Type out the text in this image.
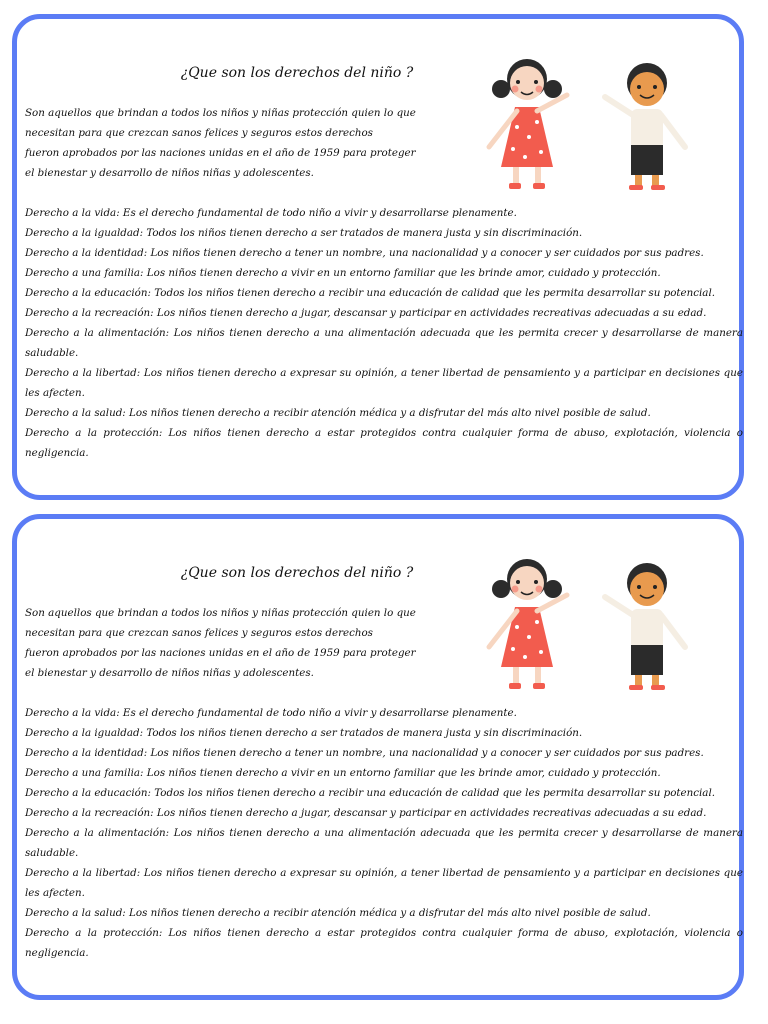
¿Que son los derechos del niño ?
Son aquellos que brindan a todos los niños y niñas protección quien lo que
necesitan para que crezcan sanos felices y seguros estos derechos
fueron aprobados por las naciones unidas en el año de 1959 para proteger
el bienestar y desarrollo de niños niñas y adolescentes.
Derecho a la vida: Es el derecho fundamental de todo niño a vivir y desarrollarse plenamente.
Derecho a la igualdad: Todos los niños tienen derecho a ser tratados de manera justa y sin discriminación.
Derecho a la identidad: Los niños tienen derecho a tener un nombre, una nacionalidad y a conocer y ser cuidados por sus padres.
Derecho a una familia: Los niños tienen derecho a vivir en un entorno familiar que les brinde amor, cuidado y protección.
Derecho a la educación: Todos los niños tienen derecho a recibir una educación de calidad que les permita desarrollar su potencial.
Derecho a la recreación: Los niños tienen derecho a jugar, descansar y participar en actividades recreativas adecuadas a su edad.
Derecho a la alimentación: Los niños tienen derecho a una alimentación adecuada que les permita crecer y desarrollarse de manera saludable.
Derecho a la libertad: Los niños tienen derecho a expresar su opinión, a tener libertad de pensamiento y a participar en decisiones que les afecten.
Derecho a la salud: Los niños tienen derecho a recibir atención médica y a disfrutar del más alto nivel posible de salud.
Derecho a la protección: Los niños tienen derecho a estar protegidos contra cualquier forma de abuso, explotación, violencia o negligencia.
¿Que son los derechos del niño ?
Son aquellos que brindan a todos los niños y niñas protección quien lo que
necesitan para que crezcan sanos felices y seguros estos derechos
fueron aprobados por las naciones unidas en el año de 1959 para proteger
el bienestar y desarrollo de niños niñas y adolescentes.
Derecho a la vida: Es el derecho fundamental de todo niño a vivir y desarrollarse plenamente.
Derecho a la igualdad: Todos los niños tienen derecho a ser tratados de manera justa y sin discriminación.
Derecho a la identidad: Los niños tienen derecho a tener un nombre, una nacionalidad y a conocer y ser cuidados por sus padres.
Derecho a una familia: Los niños tienen derecho a vivir en un entorno familiar que les brinde amor, cuidado y protección.
Derecho a la educación: Todos los niños tienen derecho a recibir una educación de calidad que les permita desarrollar su potencial.
Derecho a la recreación: Los niños tienen derecho a jugar, descansar y participar en actividades recreativas adecuadas a su edad.
Derecho a la alimentación: Los niños tienen derecho a una alimentación adecuada que les permita crecer y desarrollarse de manera saludable.
Derecho a la libertad: Los niños tienen derecho a expresar su opinión, a tener libertad de pensamiento y a participar en decisiones que les afecten.
Derecho a la salud: Los niños tienen derecho a recibir atención médica y a disfrutar del más alto nivel posible de salud.
Derecho a la protección: Los niños tienen derecho a estar protegidos contra cualquier forma de abuso, explotación, violencia o negligencia.
